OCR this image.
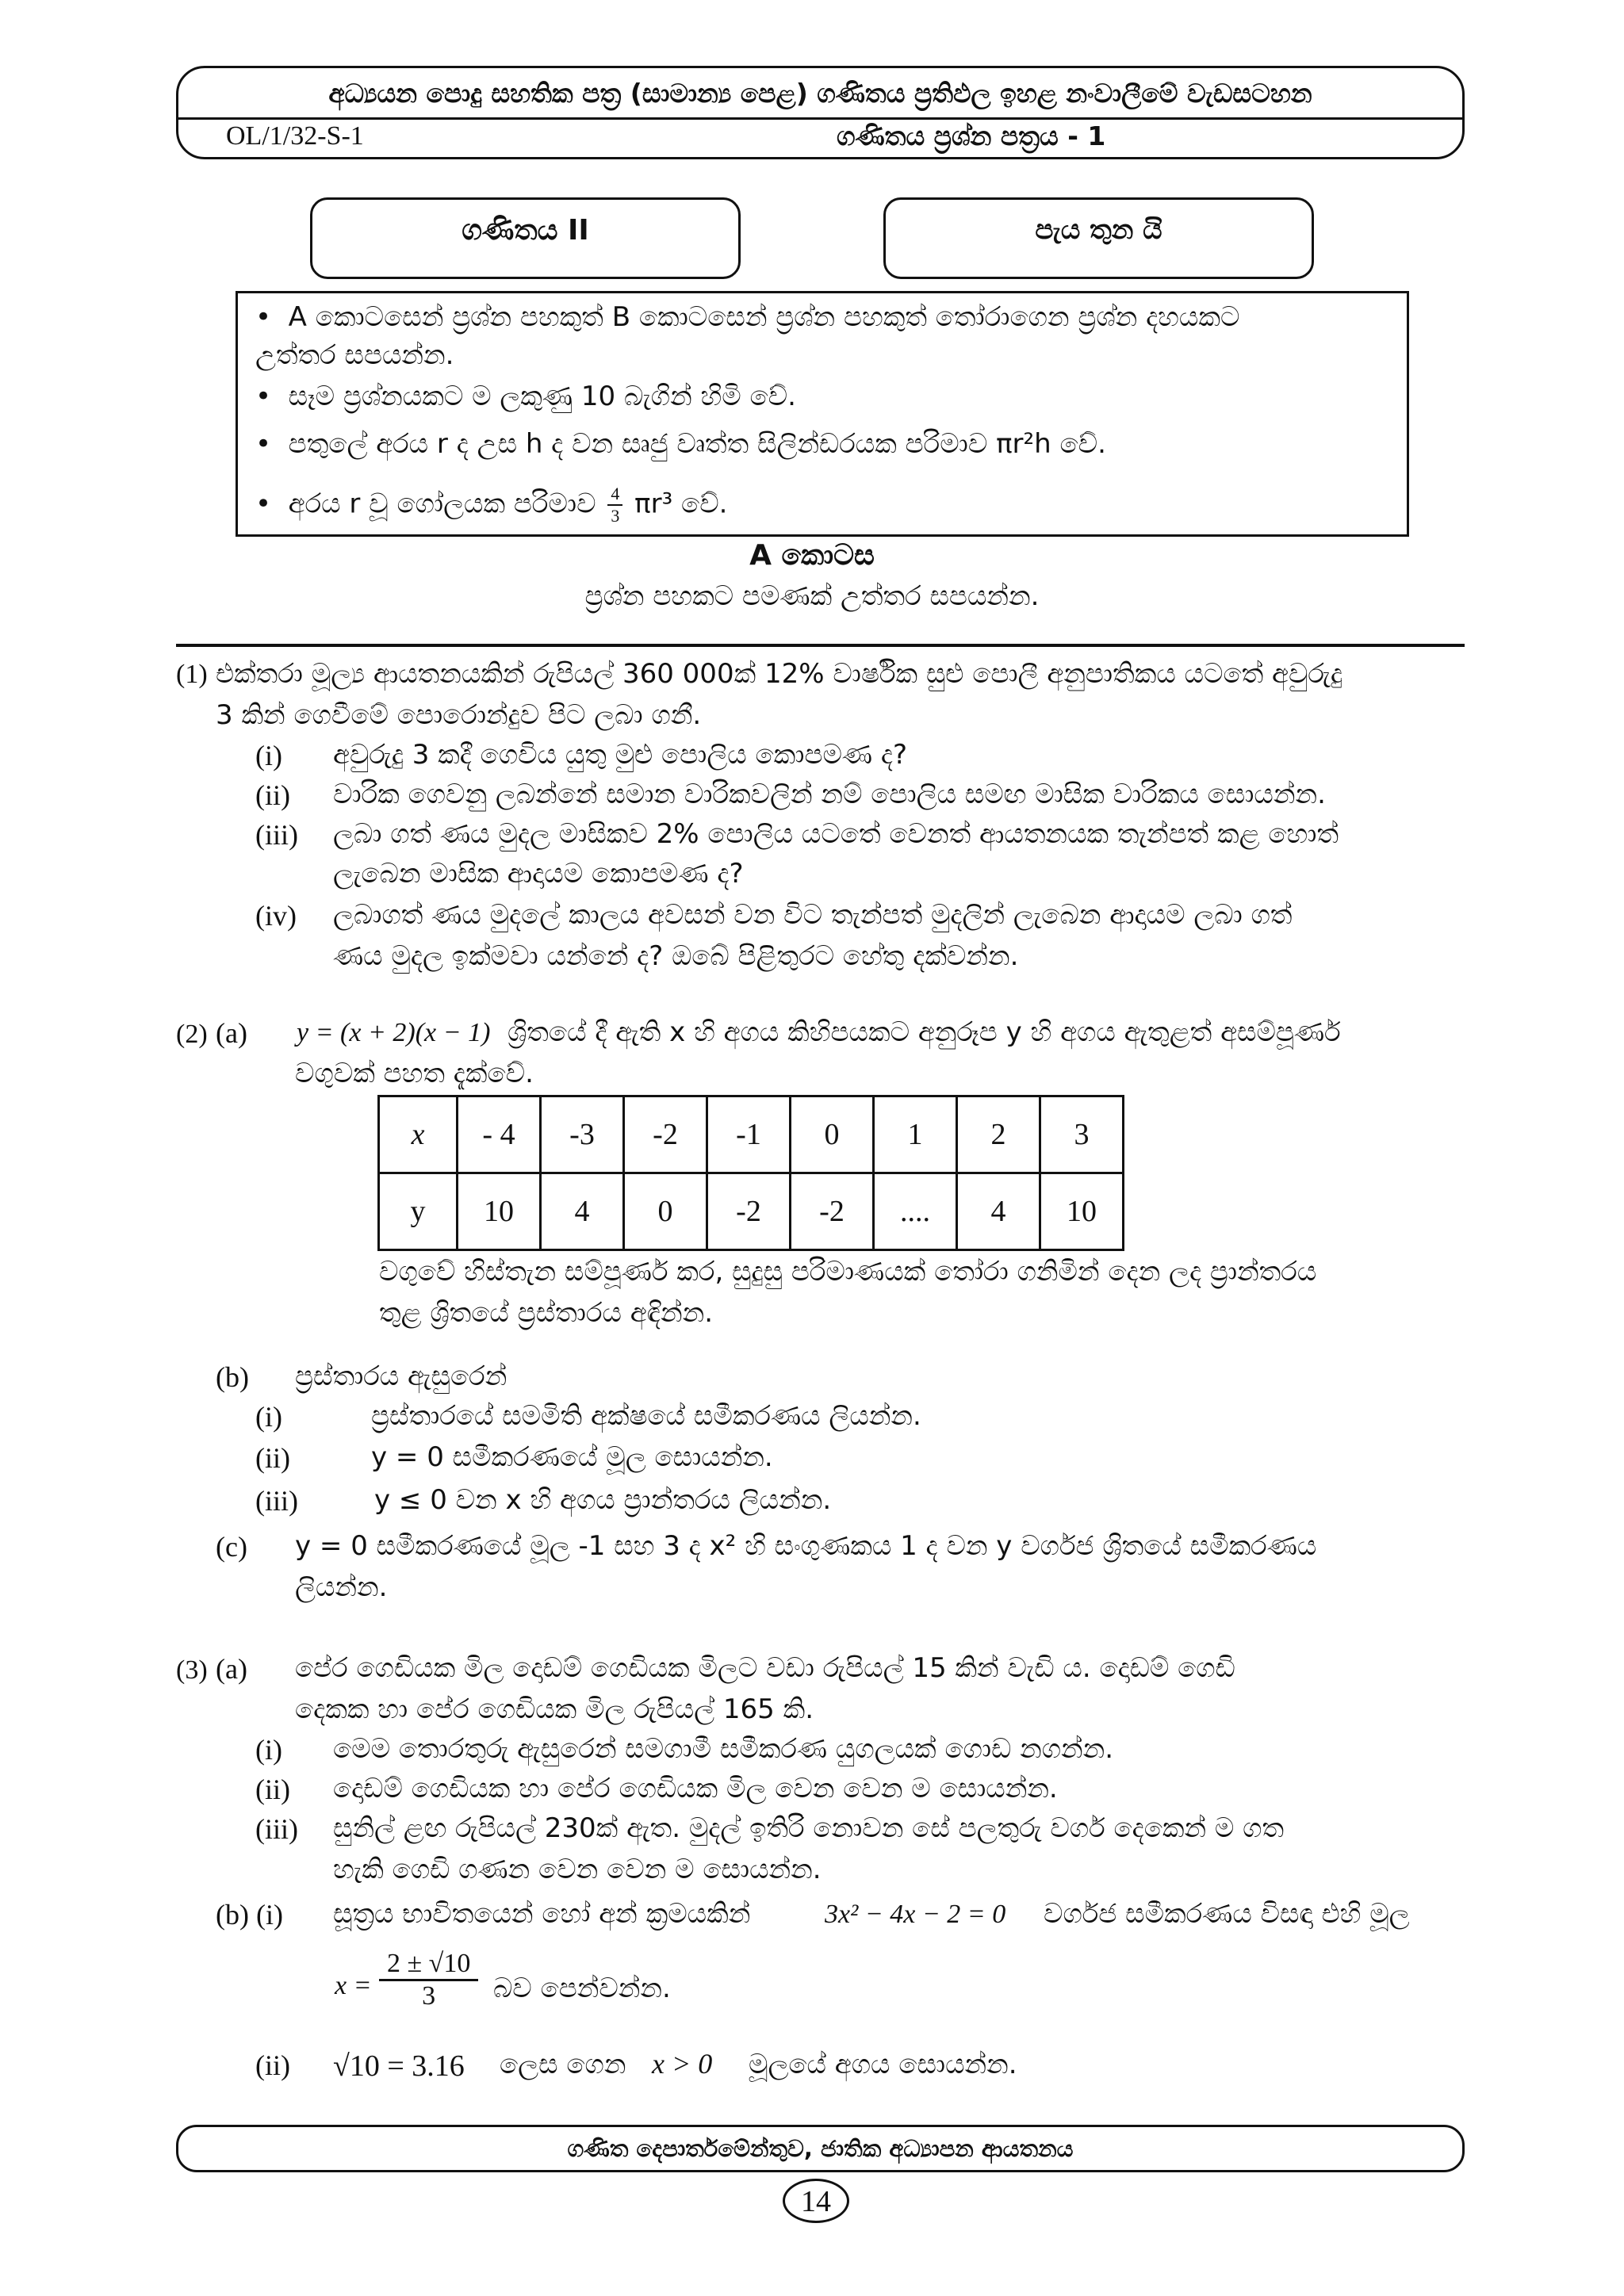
අධ්‍යයන පොදු සහතික පත්‍ර (සාමාන්‍ය පෙළ) ගණිතය ප්‍රතිඵල ඉහළ නංවාලීමේ වැඩසටහන
OL/1/32-S-1	ගණිතය ප්‍රශ්න පත්‍රය - 1
ගණිතය II	පැය තුන යි
•  A කොටසෙන් ප්‍රශ්න පහකුත් B කොටසෙන් ප්‍රශ්න පහකුත් තෝරාගෙන ප්‍රශ්න දහයකට
උත්තර සපයන්න.
•  සෑම ප්‍රශ්නයකට ම ලකුණු 10 බැගින් හිමි වේ.
•  පතුලේ අරය r ද උස h ද වන සෘජු වෘත්ත සිලින්ඩරයක පරිමාව πr²h වේ.
•  අරය r වූ ගෝලයක පරිමාව $\frac{4}{3} \pi r^3$ වේ.
A කොටස
ප්‍රශ්න පහකට පමණක් උත්තර සපයන්න.
(1) එක්තරා මූල්‍ය ආයතනයකින් රුපියල් 360 000ක් 12% වාර්ෂික සුළු පොලී අනුපාතිකය යටතේ අවුරුදු
3 කින් ගෙවීමේ පොරොන්දුව පිට ලබා ගනී.
(i) අවුරුදු 3 කදී ගෙවිය යුතු මුළු පොලිය කොපමණ ද?
(ii) වාරික ගෙවනු ලබන්නේ සමාන වාරිකවලින් නම් පොලිය සමඟ මාසික වාරිකය සොයන්න.
(iii) ලබා ගත් ණය මුදල මාසිකව 2% පොලිය යටතේ වෙනත් ආයතනයක තැන්පත් කළ හොත්
ලැබෙන මාසික ආදායම කොපමණ ද?
(iv) ලබාගත් ණය මුදලේ කාලය අවසන් වන විට තැන්පත් මුදලින් ලැබෙන ආදායම ලබා ගත්
ණය මුදල ඉක්මවා යන්නේ ද? ඔබේ පිළිතුරට හේතු දක්වන්න.
(2) (a) y = (x + 2)(x − 1) ශ්‍රිතයේ දී ඇති x හි අගය කිහිපයකට අනුරූප y හි අගය ඇතුළත් අසම්පූර්ණ
වගුවක් පහත දැක්වේ.
x	- 4	-3	-2	-1	0	1	2	3
y	10	4	0	-2	-2	....	4	10
වගුවේ හිස්තැන සම්පූර්ණ කර, සුදුසු පරිමාණයක් තෝරා ගනිමින් දෙන ලද ප්‍රාන්තරය
තුළ ශ්‍රිතයේ ප්‍රස්තාරය අඳින්න.
(b) ප්‍රස්තාරය ඇසුරෙන්
(i)	ප්‍රස්තාරයේ සමමිති අක්ෂයේ සමීකරණය ලියන්න.
(ii)	y = 0 සමීකරණයේ මූල සොයන්න.
(iii)	y ≤ 0 වන x හි අගය ප්‍රාන්තරය ලියන්න.
(c) y = 0 සමීකරණයේ මූල -1 සහ 3 ද x² හි සංගුණකය 1 ද වන y වර්ගජ ශ්‍රිතයේ සමීකරණය
ලියන්න.
(3) (a) පේර ගෙඩියක මිල දොඩම් ගෙඩියක මිලට වඩා රුපියල් 15 කින් වැඩි ය. දොඩම් ගෙඩි
දෙකක හා පේර ගෙඩියක මිල රුපියල් 165 කි.
(i) මෙම තොරතුරු ඇසුරෙන් සමගාමී සමීකරණ යුගලයක් ගොඩ නගන්න.
(ii) දොඩම් ගෙඩියක හා පේර ගෙඩියක මිල වෙන වෙන ම සොයන්න.
(iii) සුනිල් ළඟ රුපියල් 230ක් ඇත. මුදල් ඉතිරි නොවන සේ පලතුරු වර්ග දෙකෙන් ම ගත
හැකි ගෙඩි ගණන වෙන වෙන ම සොයන්න.
(b) (i) සූත්‍රය භාවිතයෙන් හෝ අන් ක්‍රමයකින්	3x² − 4x − 2 = 0 වර්ගජ සමීකරණය විසඳා එහි මූල
$x = \frac{2 \pm √10}{3}$ බව පෙන්වන්න.
(ii) √10 = 3.16 ලෙස ගෙන x > 0 මූලයේ අගය සොයන්න.
ගණිත දෙපාර්තමේන්තුව, ජාතික අධ්‍යාපන ආයතනය
14
